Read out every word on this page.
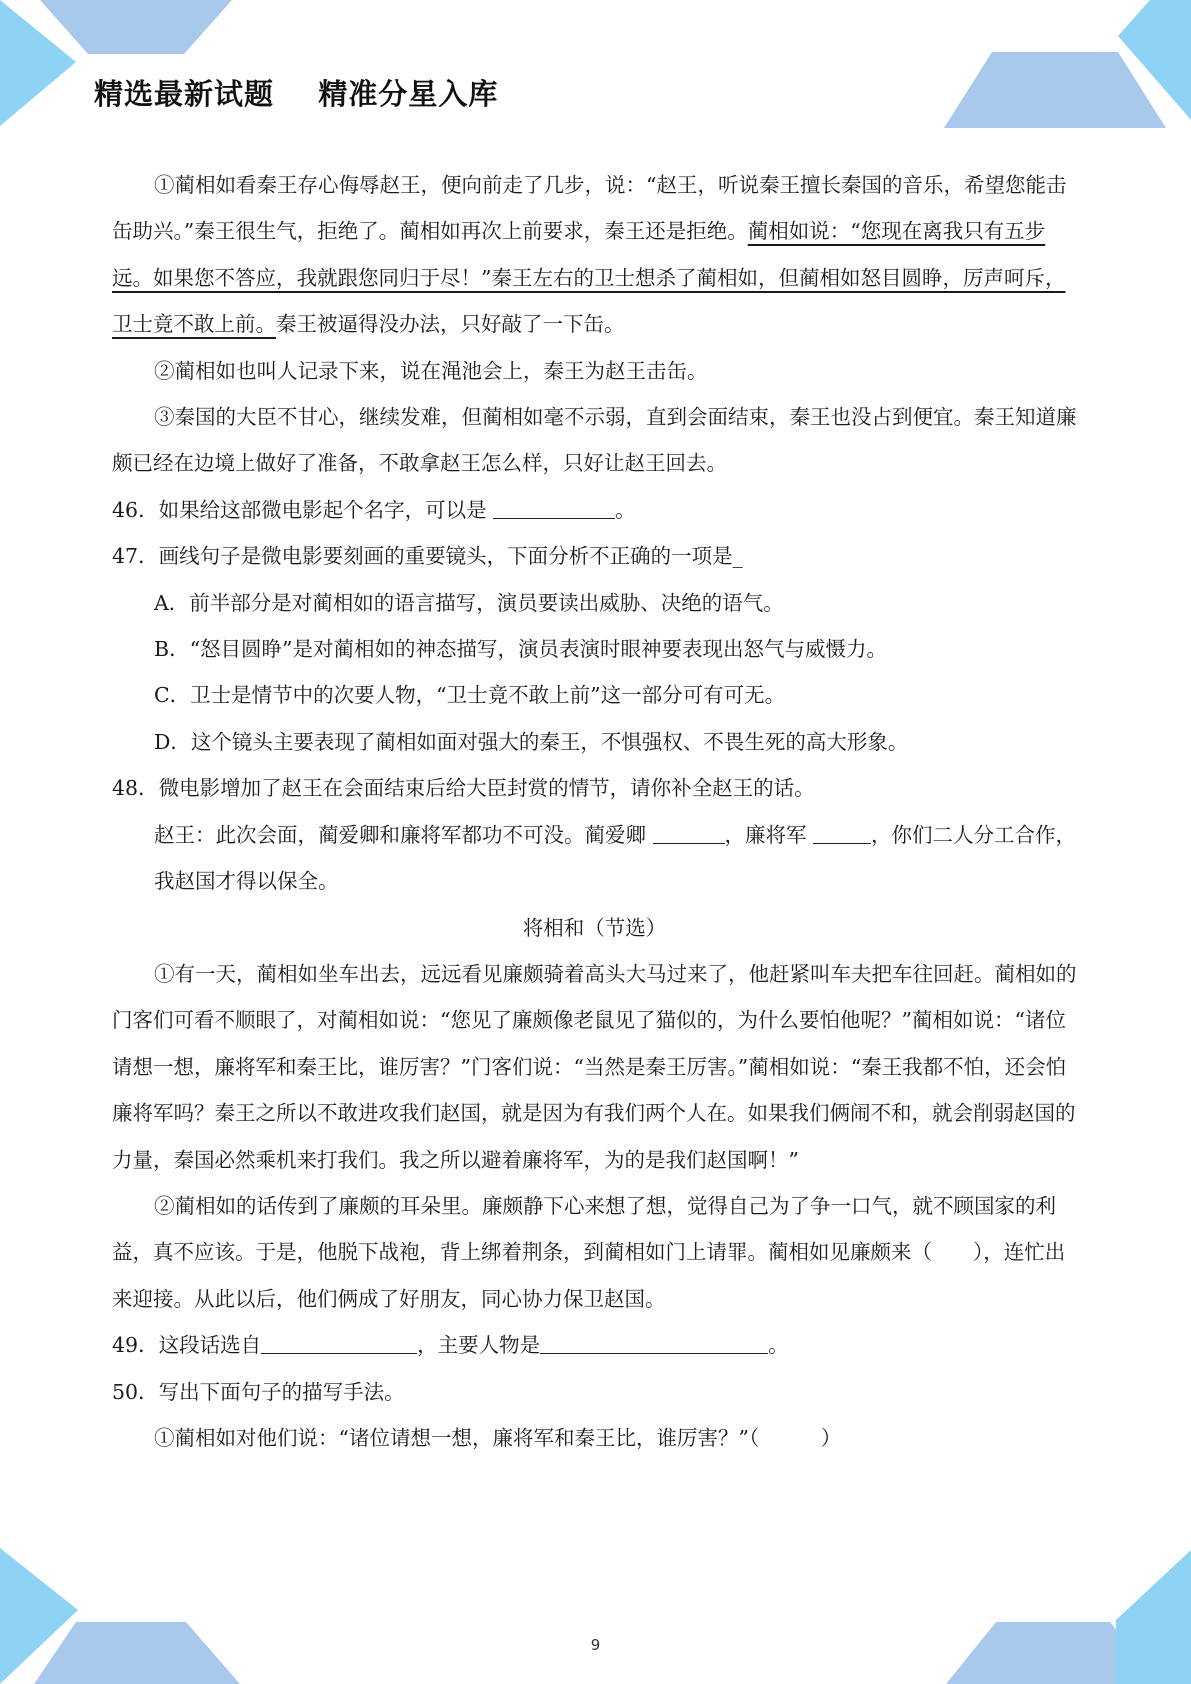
精选最新试题    精准分星入库

①蔺相如看秦王存心侮辱赵王，便向前走了几步，说：“赵王，听说秦王擅长秦国的音乐，希望您能击缶助兴。”秦王很生气，拒绝了。蔺相如再次上前要求，秦王还是拒绝。蔺相如说：“您现在离我只有五步远。如果您不答应，我就跟您同归于尽！”秦王左右的卫士想杀了蔺相如，但蔺相如怒目圆睁，厉声呵斥，卫士竟不敢上前。秦王被逼得没办法，只好敲了一下缶。

②蔺相如也叫人记录下来，说在渑池会上，秦王为赵王击缶。

③秦国的大臣不甘心，继续发难，但蔺相如毫不示弱，直到会面结束，秦王也没占到便宜。秦王知道廉颇已经在边境上做好了准备，不敢拿赵王怎么样，只好让赵王回去。

46．如果给这部微电影起个名字，可以是	。

47．画线句子是微电影要刻画的重要镜头，下面分析不正确的一项是_

A．前半部分是对蔺相如的语言描写，演员要读出威胁、决绝的语气。

B．“怒目圆睁”是对蔺相如的神态描写，演员表演时眼神要表现出怒气与威慑力。

C．卫士是情节中的次要人物，“卫士竟不敢上前”这一部分可有可无。

D．这个镜头主要表现了蔺相如面对强大的秦王，不惧强权、不畏生死的高大形象。

48．微电影增加了赵王在会面结束后给大臣封赏的情节，请你补全赵王的话。

赵王：此次会面，蔺爱卿和廉将军都功不可没。蔺爱卿	，廉将军	，你们二人分工合作，我赵国才得以保全。

将相和（节选）

①有一天，蔺相如坐车出去，远远看见廉颇骑着高头大马过来了，他赶紧叫车夫把车往回赶。蔺相如的门客们可看不顺眼了，对蔺相如说：“您见了廉颇像老鼠见了猫似的，为什么要怕他呢？”蔺相如说：“诸位请想一想，廉将军和秦王比，谁厉害？”门客们说：“当然是秦王厉害。”蔺相如说：“秦王我都不怕，还会怕廉将军吗？秦王之所以不敢进攻我们赵国，就是因为有我们两个人在。如果我们俩闹不和，就会削弱赵国的力量，秦国必然乘机来打我们。我之所以避着廉将军，为的是我们赵国啊！”

②蔺相如的话传到了廉颇的耳朵里。廉颇静下心来想了想，觉得自己为了争一口气，就不顾国家的利益，真不应该。于是，他脱下战袍，背上绑着荆条，到蔺相如门上请罪。蔺相如见廉颇来（　　），连忙出来迎接。从此以后，他们俩成了好朋友，同心协力保卫赵国。

49．这段话选自	，主要人物是	。

50．写出下面句子的描写手法。

①蔺相如对他们说：“诸位请想一想，廉将军和秦王比，谁厉害？”（　　　）

9
